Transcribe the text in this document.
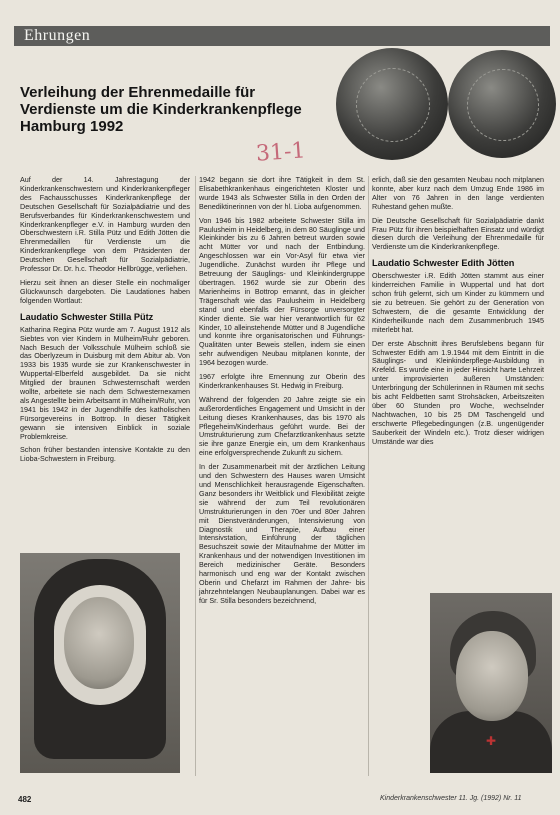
Ehrungen
Verleihung der Ehrenmedaille für Verdienste um die Kinderkrankenpflege Hamburg 1992
31-1

Auf der 14. Jahrestagung der Kinderkrankenschwestern und Kinderkrankenpfleger des Fachausschusses Kinderkrankenpflege der Deutschen Gesellschaft für Sozialpädiatrie und des Berufsverbandes für Kinderkrankenschwestern und Kinderkrankenpfleger e.V. in Hamburg wurden den Oberschwestern i.R. Stilla Pütz und Edith Jötten die Ehrenmedaillen für Verdienste um die Kinderkrankenpflege von dem Präsidenten der Deutschen Gesellschaft für Sozialpädiatrie, Professor Dr. Dr. h.c. Theodor Hellbrügge, verliehen.

Hierzu seit ihnen an dieser Stelle ein nochmaliger Glückwunsch dargeboten. Die Laudationes haben folgenden Wortlaut:

Laudatio Schwester Stilla Pütz

Katharina Regina Pütz wurde am 7. August 1912 als Siebtes von vier Kindern in Mülheim/Ruhr geboren. Nach Besuch der Volksschule Mülheim schloß sie das Oberlyzeum in Duisburg mit dem Abitur ab. Von 1933 bis 1935 wurde sie zur Krankenschwester in Wuppertal-Elberfeld ausgebildet. Da sie nicht Mitglied der braunen Schwesternschaft werden wollte, arbeitete sie nach dem Schwesternexamen als Angestellte beim Arbeitsamt in Mülheim/Ruhr, von 1941 bis 1942 in der Jugendhilfe des katholischen Fürsorgevereins in Bottrop. In dieser Tätigkeit gewann sie intensiven Einblick in soziale Problemkreise.

Schon früher bestanden intensive Kontakte zu den Lioba-Schwestern in Freiburg.

1942 begann sie dort ihre Tätigkeit in dem St. Elisabethkrankenhaus eingerichteten Kloster und wurde 1943 als Schwester Stilla in den Orden der Benediktinerinnen von der hl. Lioba aufgenommen.

Von 1946 bis 1982 arbeitete Schwester Stilla im Paulusheim in Heidelberg, in dem 80 Säuglinge und Kleinkinder bis zu 6 Jahren betreut wurden sowie acht Mütter vor und nach der Entbindung. Angeschlossen war ein Vor-Asyl für etwa vier Jugendliche. Zunächst wurden ihr Pflege und Betreuung der Säuglings- und Kleinkindergruppe übertragen. 1962 wurde sie zur Oberin des Marienheims in Bottrop ernannt, das in gleicher Trägerschaft wie das Paulusheim in Heidelberg stand und ebenfalls der Fürsorge unversorgter Kinder diente. Sie war hier verantwortlich für 62 Kinder, 10 alleinstehende Mütter und 8 Jugendliche und konnte ihre organisatorischen und Führungs-Qualitäten unter Beweis stellen, indem sie einen sehr aufwendigen Neubau mitplanen konnte, der 1964 bezogen wurde.

1967 erfolgte ihre Ernennung zur Oberin des Kinderkrankenhauses St. Hedwig in Freiburg.

Während der folgenden 20 Jahre zeigte sie ein außerordentliches Engagement und Umsicht in der Leitung dieses Krankenhauses, das bis 1970 als Pflegeheim/Kinderhaus geführt wurde. Bei der Umstrukturierung zum Chefarztkrankenhaus setzte sie ihre ganze Energie ein, um dem Krankenhaus eine erfolgversprechende Zukunft zu sichern.

In der Zusammenarbeit mit der ärztlichen Leitung und den Schwestern des Hauses waren Umsicht und Menschlichkeit herausragende Eigenschaften. Ganz besonders ihr Weitblick und Flexibilität zeigte sie während der zum Teil revolutionären Umstrukturierungen in den 70er und 80er Jahren mit Dienstveränderungen, Intensivierung von Diagnostik und Therapie, Aufbau einer Intensivstation, Einführung der täglichen Besuchszeit sowie der Mitaufnahme der Mütter im Krankenhaus und der notwendigen Investitionen im Bereich medizinischer Geräte. Besonders harmonisch und eng war der Kontakt zwischen Oberin und Chefarzt im Rahmen der Jahre- bis jahrzehntelangen Neubauplanungen. Dabei war es für Sr. Stilla besonders bezeichnend,

erlich, daß sie den gesamten Neubau noch mitplanen konnte, aber kurz nach dem Umzug Ende 1986 im Alter von 76 Jahren in den lange verdienten Ruhestand gehen mußte.

Die Deutsche Gesellschaft für Sozialpädiatrie dankt Frau Pütz für ihren beispielhaften Einsatz und würdigt diesen durch die Verleihung der Ehrenmedaille für Verdienste um die Kinderkrankenpflege.

Laudatio Schwester Edith Jötten

Oberschwester i.R. Edith Jötten stammt aus einer kinderreichen Familie in Wuppertal und hat dort schon früh gelernt, sich um Kinder zu kümmern und sie zu betreuen. Sie gehört zu der Generation von Schwestern, die die gesamte Entwicklung der Kinderheilkunde nach dem Zusammenbruch 1945 miterlebt hat.

Der erste Abschnitt ihres Berufslebens begann für Schwester Edith am 1.9.1944 mit dem Eintritt in die Säuglings- und Kleinkinderpflege-Ausbildung in Krefeld. Es wurde eine in jeder Hinsicht harte Lehrzeit unter improvisierten äußeren Umständen: Unterbringung der Schülerinnen in Räumen mit sechs bis acht Feldbetten samt Strohsäcken, Arbeitszeiten über 60 Stunden pro Woche, wechselnder Nachtwachen, 10 bis 25 DM Taschengeld und erschwerte Pflegebedingungen (z.B. ungenügender Sauberkeit der Windeln etc.). Trotz dieser widrigen Umstände war dies

✚
482	Kinderkrankenschwester 11. Jg. (1992) Nr. 11
